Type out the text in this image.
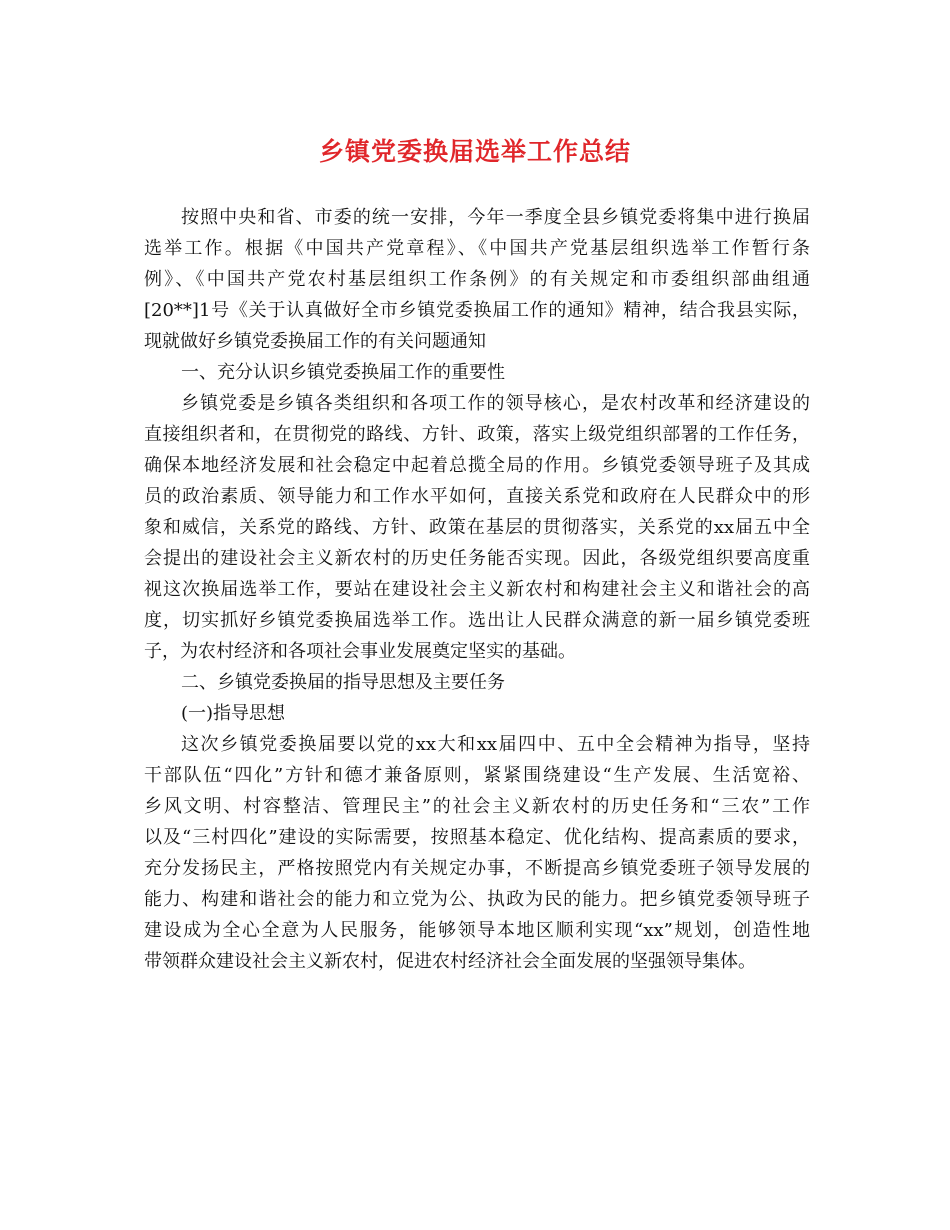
乡镇党委换届选举工作总结
按照中央和省、市委的统一安排，今年一季度全县乡镇党委将集中进行换届
选举工作。根据《中国共产党章程》、《中国共产党基层组织选举工作暂行条
例》、《中国共产党农村基层组织工作条例》的有关规定和市委组织部曲组通
[20**]1号《关于认真做好全市乡镇党委换届工作的通知》精神，结合我县实际，
现就做好乡镇党委换届工作的有关问题通知
一、充分认识乡镇党委换届工作的重要性
乡镇党委是乡镇各类组织和各项工作的领导核心，是农村改革和经济建设的
直接组织者和，在贯彻党的路线、方针、政策，落实上级党组织部署的工作任务，
确保本地经济发展和社会稳定中起着总揽全局的作用。乡镇党委领导班子及其成
员的政治素质、领导能力和工作水平如何，直接关系党和政府在人民群众中的形
象和威信，关系党的路线、方针、政策在基层的贯彻落实，关系党的xx届五中全
会提出的建设社会主义新农村的历史任务能否实现。因此，各级党组织要高度重
视这次换届选举工作，要站在建设社会主义新农村和构建社会主义和谐社会的高
度，切实抓好乡镇党委换届选举工作。选出让人民群众满意的新一届乡镇党委班
子，为农村经济和各项社会事业发展奠定坚实的基础。
二、乡镇党委换届的指导思想及主要任务
(一)指导思想
这次乡镇党委换届要以党的xx大和xx届四中、五中全会精神为指导，坚持
干部队伍“四化”方针和德才兼备原则，紧紧围绕建设“生产发展、生活宽裕、
乡风文明、村容整洁、管理民主”的社会主义新农村的历史任务和“三农”工作
以及“三村四化”建设的实际需要，按照基本稳定、优化结构、提高素质的要求，
充分发扬民主，严格按照党内有关规定办事，不断提高乡镇党委班子领导发展的
能力、构建和谐社会的能力和立党为公、执政为民的能力。把乡镇党委领导班子
建设成为全心全意为人民服务，能够领导本地区顺利实现“xx”规划，创造性地
带领群众建设社会主义新农村，促进农村经济社会全面发展的坚强领导集体。
